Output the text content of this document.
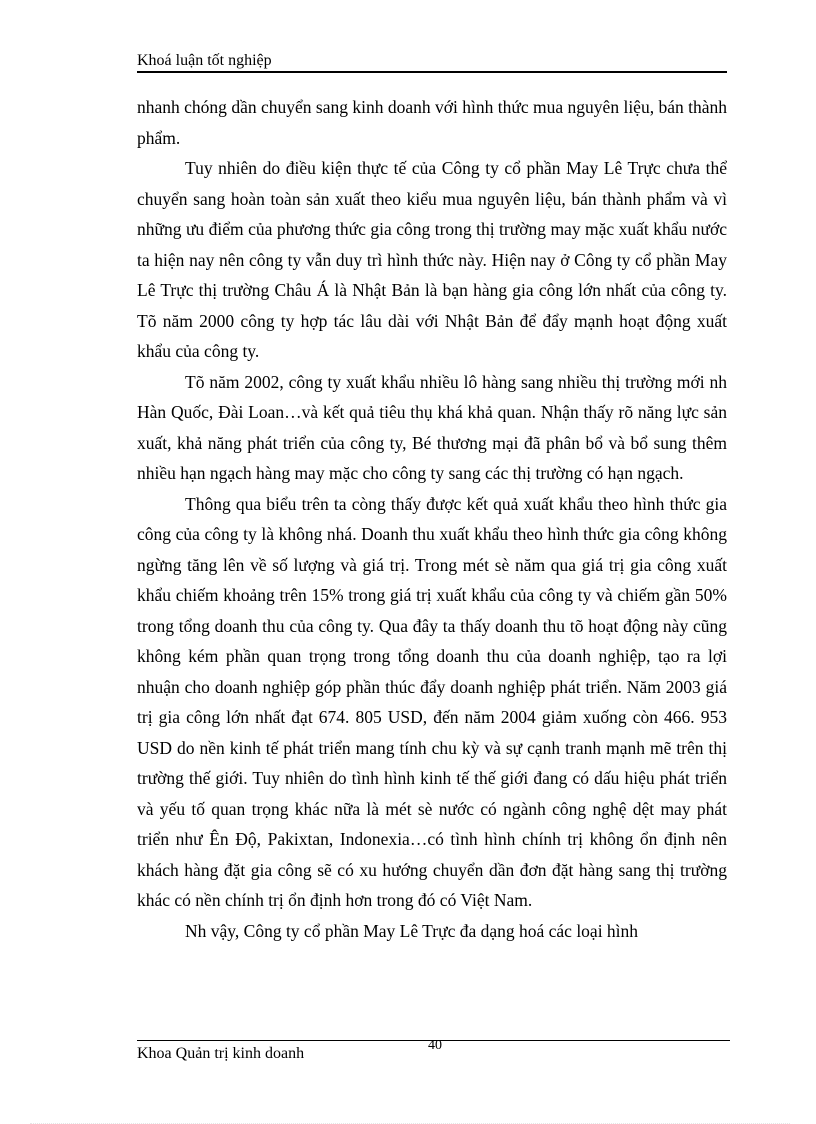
Khoá luận tốt nghiệp

nhanh chóng dần chuyển sang kinh doanh với hình thức mua nguyên liệu, bán thành phẩm.

Tuy nhiên do điều kiện thực tế của Công ty cổ phần May Lê Trực chưa thể chuyển sang hoàn toàn sản xuất theo kiểu mua nguyên liệu, bán thành phẩm và vì những ưu điểm của phương thức gia công trong thị trường may mặc xuất khẩu nước ta hiện nay nên công ty vẫn duy trì hình thức này. Hiện nay ở Công ty cổ phần May Lê Trực thị trường Châu Á là Nhật Bản là bạn hàng gia công lớn nhất của công ty. Tõ năm 2000 công ty hợp tác lâu dài với Nhật Bản để đẩy mạnh hoạt động xuất khẩu của công ty.

Tõ năm 2002, công ty xuất khẩu nhiều lô hàng sang nhiều thị trường mới nh Hàn Quốc, Đài Loan…và kết quả tiêu thụ khá khả quan. Nhận thấy rõ năng lực sản xuất, khả năng phát triển của công ty, Bé thương mại đã phân bổ và bổ sung thêm nhiều hạn ngạch hàng may mặc cho công ty sang các thị trường có hạn ngạch.

Thông qua biểu trên ta còng thấy được kết quả xuất khẩu theo hình thức gia công của công ty là không nhá. Doanh thu xuất khẩu theo hình thức gia công không ngừng tăng lên về số lượng và giá trị. Trong mét sè năm qua giá trị gia công xuất khẩu chiếm khoảng trên 15% trong giá trị xuất khẩu của công ty và chiếm gần 50% trong tổng doanh thu của công ty. Qua đây ta thấy doanh thu tõ hoạt động này cũng không kém phần quan trọng trong tổng doanh thu của doanh nghiệp, tạo ra lợi nhuận cho doanh nghiệp góp phần thúc đẩy doanh nghiệp phát triển. Năm 2003 giá trị gia công lớn nhất đạt 674. 805 USD, đến năm 2004 giảm xuống còn 466. 953 USD do nền kinh tế phát triển mang tính chu kỳ và sự cạnh tranh mạnh mẽ trên thị trường thế giới. Tuy nhiên do tình hình kinh tế thế giới đang có dấu hiệu phát triển và yếu tố quan trọng khác nữa là mét sè nước có ngành công nghệ dệt may phát triển như Ên Độ, Pakixtan, Indonexia…có tình hình chính trị không ổn định nên khách hàng đặt gia công sẽ có xu hướng chuyển dần đơn đặt hàng sang thị trường khác có nền chính trị ổn định hơn trong đó có Việt Nam.

Nh vậy, Công ty cổ phần May Lê Trực đa dạng hoá các loại hình

Khoa Quản trị kinh doanh	40
